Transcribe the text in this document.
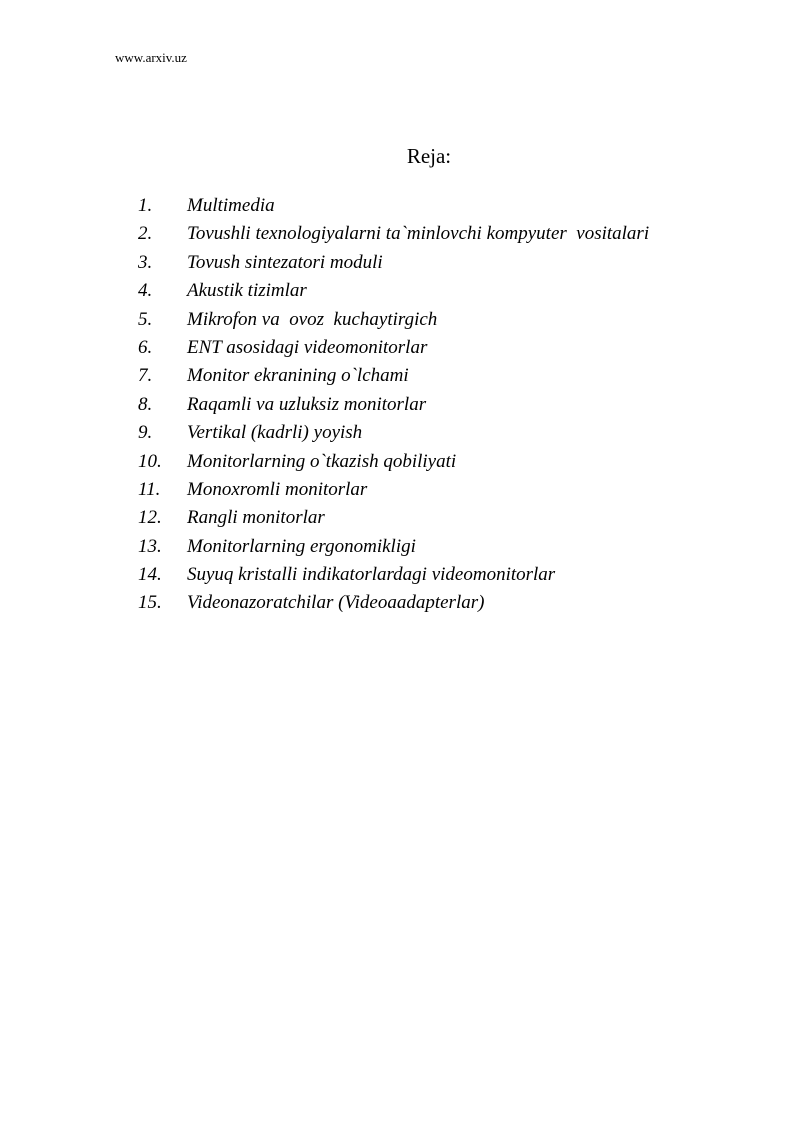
www.arxiv.uz
Reja:
1. Multimedia
2. Tovushli texnologiyalarni ta`minlovchi kompyuter  vositalari
3. Tovush sintezatori moduli
4. Akustik tizimlar
5. Mikrofon va  ovoz  kuchaytirgich
6. ENT asosidagi videomonitorlar
7. Monitor ekranining o`lchami
8. Raqamli va uzluksiz monitorlar
9. Vertikal (kadrli) yoyish
10. Monitorlarning o`tkazish qobiliyati
11. Monoxromli monitorlar
12. Rangli monitorlar
13. Monitorlarning ergonomikligi
14. Suyuq kristalli indikatorlardagi videomonitorlar
15. Videonazoratchilar (Videoaadapterlar)
